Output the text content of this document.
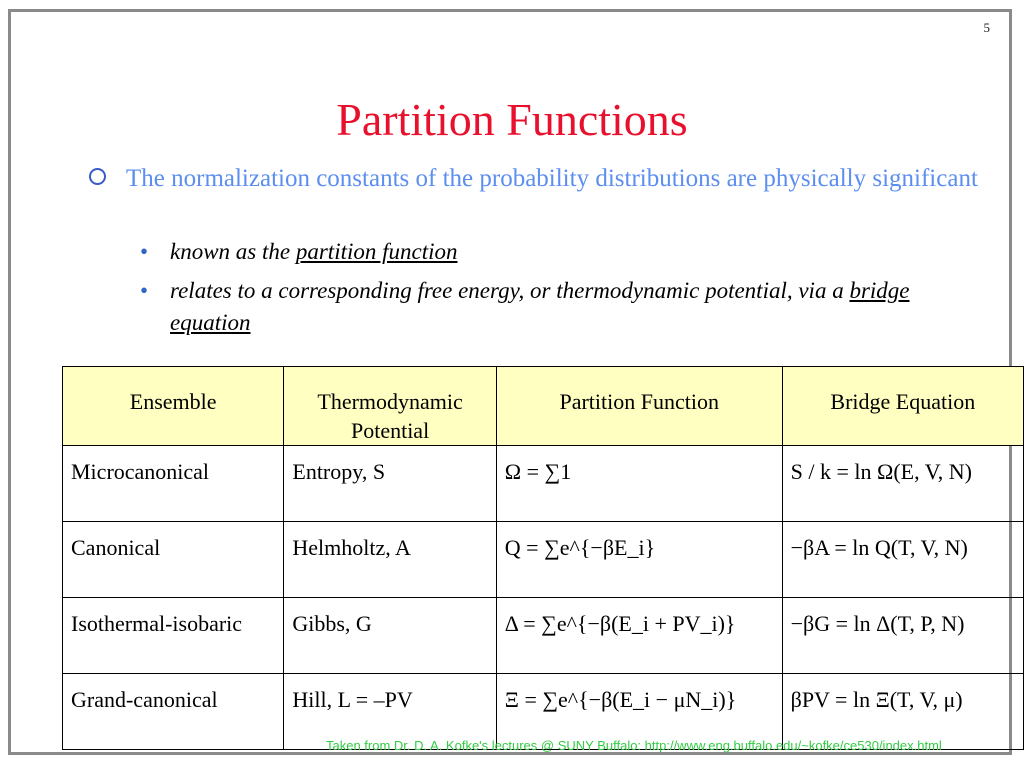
5
Partition Functions
The normalization constants of the probability distributions are physically significant
• known as the partition function
• relates to a corresponding free energy, or thermodynamic potential, via a bridge equation
Ensemble	Thermodynamic Potential	Partition Function	Bridge Equation
Microcanonical	Entropy, S	Ω = ∑1	S / k = ln Ω(E, V, N)
Canonical	Helmholtz, A	Q = ∑e^{−βE_i}	−βA = ln Q(T, V, N)
Isothermal-isobaric	Gibbs, G	Δ = ∑e^{−β(E_i + PV_i)}	−βG = ln Δ(T, P, N)
Grand-canonical	Hill, L = –PV	Ξ = ∑e^{−β(E_i − μN_i)}	βPV = ln Ξ(T, V, μ)
Taken from Dr. D. A. Kofke's lectures @ SUNY Buffalo: http://www.eng.buffalo.edu/~kofke/ce530/index.html
